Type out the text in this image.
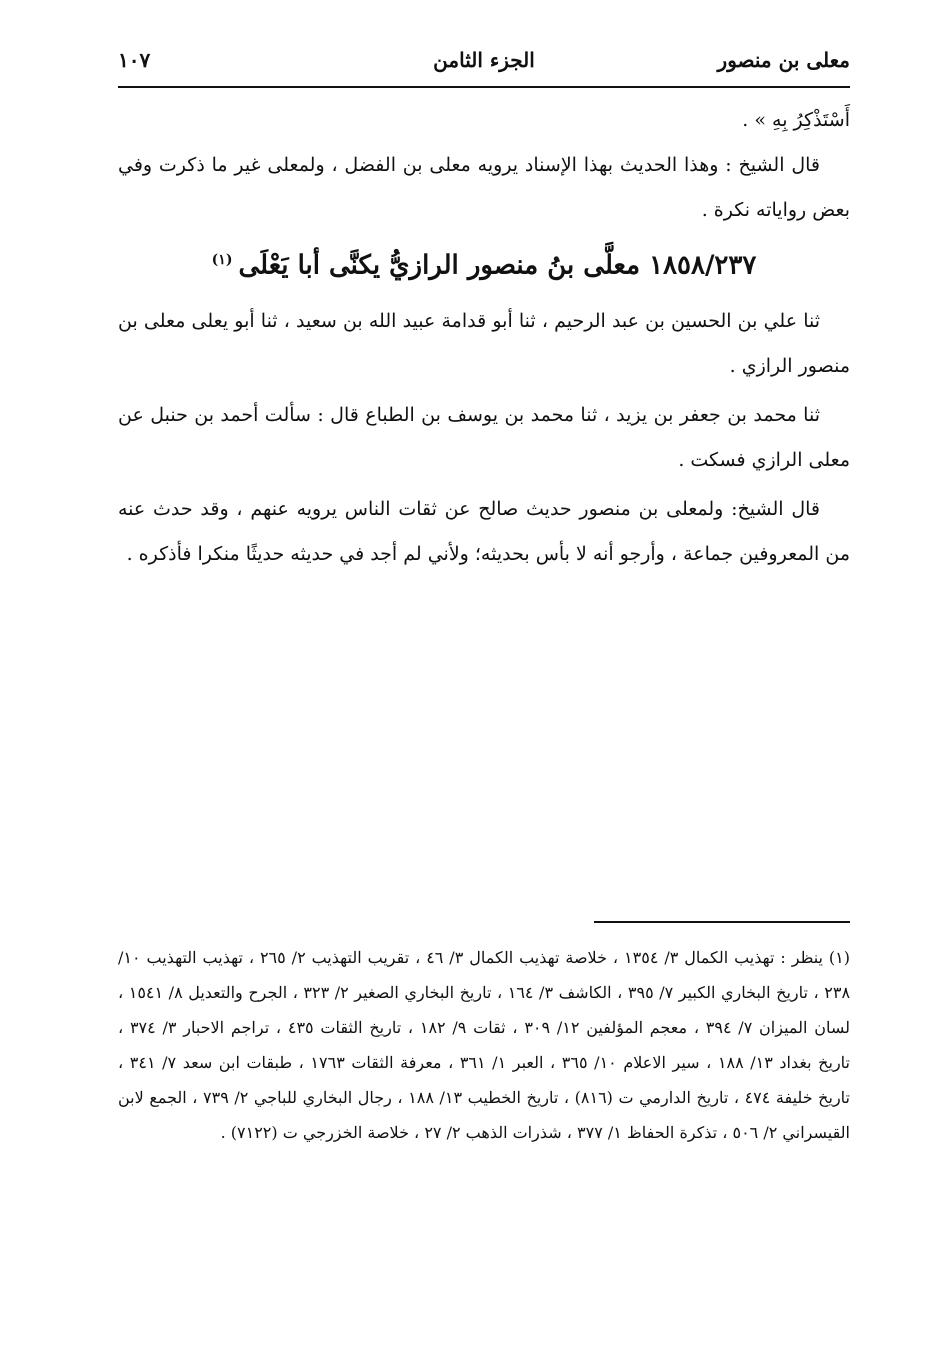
معلى بن منصور
الجزء الثامن
١٠٧

أَسْتَذْكِرُ بِهِ » .

قال الشيخ : وهذا الحديث بهذا الإسناد يرويه معلى بن الفضل ، ولمعلى غير ما ذكرت وفي بعض رواياته نكرة .

١٨٥٨/٢٣٧ معلَّى بنُ منصور الرازيُّ يكنَّى أبا يَعْلَى$^{(١)}$

ثنا علي بن الحسين بن عبد الرحيم ، ثنا أبو قدامة عبيد الله بن سعيد ، ثنا أبو يعلى معلى بن منصور الرازي .

ثنا محمد بن جعفر بن يزيد ، ثنا محمد بن يوسف بن الطباع قال : سألت أحمد بن حنبل عن معلى الرازي فسكت .

قال الشيخ: ولمعلى بن منصور حديث صالح عن ثقات الناس يرويه عنهم ، وقد حدث عنه من المعروفين جماعة ، وأرجو أنه لا بأس بحديثه؛ ولأني لم أجد في حديثه حديثًا منكرا فأذكره .

(١) ينظر : تهذيب الكمال ٣/ ١٣٥٤ ، خلاصة تهذيب الكمال ٣/ ٤٦ ، تقريب التهذيب ٢/ ٢٦٥ ، تهذيب التهذيب ١٠/ ٢٣٨ ، تاريخ البخاري الكبير ٧/ ٣٩٥ ، الكاشف ٣/ ١٦٤ ، تاريخ البخاري الصغير ٢/ ٣٢٣ ، الجرح والتعديل ٨/ ١٥٤١ ، لسان الميزان ٧/ ٣٩٤ ، معجم المؤلفين ١٢/ ٣٠٩ ، ثقات ٩/ ١٨٢ ، تاريخ الثقات ٤٣٥ ، تراجم الاحبار ٣/ ٣٧٤ ، تاريخ بغداد ١٣/ ١٨٨ ، سير الاعلام ١٠/ ٣٦٥ ، العبر ١/ ٣٦١ ، معرفة الثقات ١٧٦٣ ، طبقات ابن سعد ٧/ ٣٤١ ، تاريخ خليفة ٤٧٤ ، تاريخ الدارمي ت (٨١٦) ، تاريخ الخطيب ١٣/ ١٨٨ ، رجال البخاري للباجي ٢/ ٧٣٩ ، الجمع لابن القيسراني ٢/ ٥٠٦ ، تذكرة الحفاظ ١/ ٣٧٧ ، شذرات الذهب ٢/ ٢٧ ، خلاصة الخزرجي ت (٧١٢٢) .
